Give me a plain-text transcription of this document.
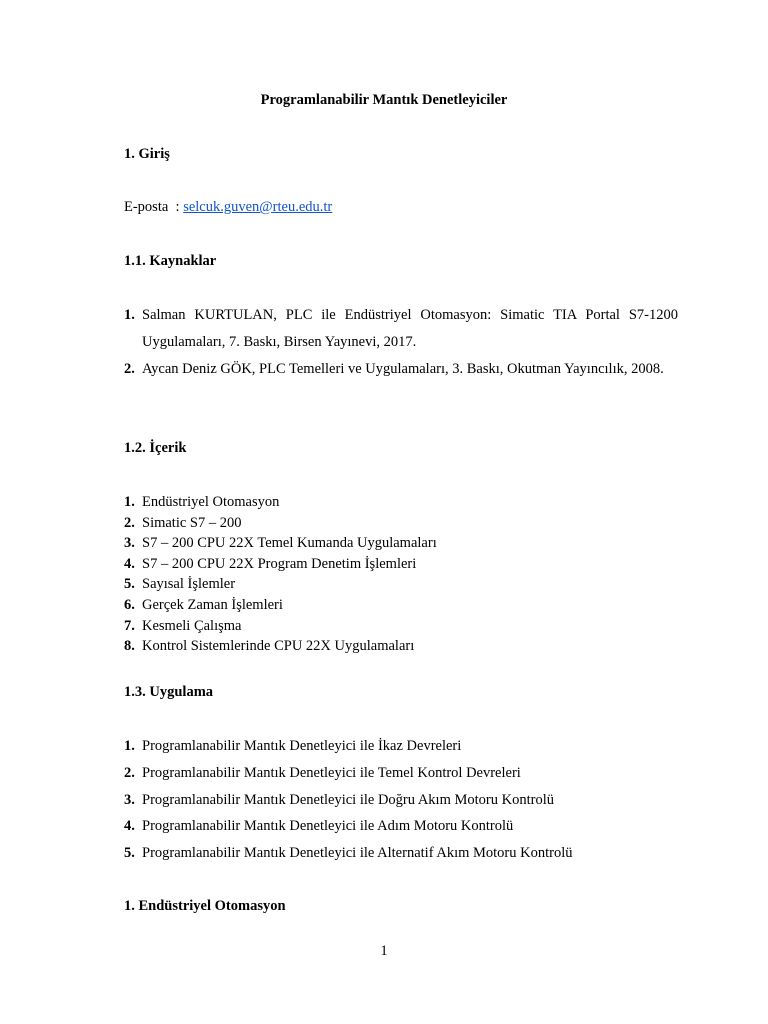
Programlanabilir Mantık Denetleyiciler
1. Giriş
E-posta  : selcuk.guven@rteu.edu.tr
1.1. Kaynaklar
1. Salman KURTULAN, PLC ile Endüstriyel Otomasyon: Simatic TIA Portal S7-1200 Uygulamaları, 7. Baskı, Birsen Yayınevi, 2017.
2. Aycan Deniz GÖK, PLC Temelleri ve Uygulamaları, 3. Baskı, Okutman Yayıncılık, 2008.
1.2. İçerik
1. Endüstriyel Otomasyon
2. Simatic S7 – 200
3. S7 – 200 CPU 22X Temel Kumanda Uygulamaları
4. S7 – 200 CPU 22X Program Denetim İşlemleri
5. Sayısal İşlemler
6. Gerçek Zaman İşlemleri
7. Kesmeli Çalışma
8. Kontrol Sistemlerinde CPU 22X Uygulamaları
1.3. Uygulama
1. Programlanabilir Mantık Denetleyici ile İkaz Devreleri
2. Programlanabilir Mantık Denetleyici ile Temel Kontrol Devreleri
3. Programlanabilir Mantık Denetleyici ile Doğru Akım Motoru Kontrolü
4. Programlanabilir Mantık Denetleyici ile Adım Motoru Kontrolü
5. Programlanabilir Mantık Denetleyici ile Alternatif Akım Motoru Kontrolü
1. Endüstriyel Otomasyon
1
